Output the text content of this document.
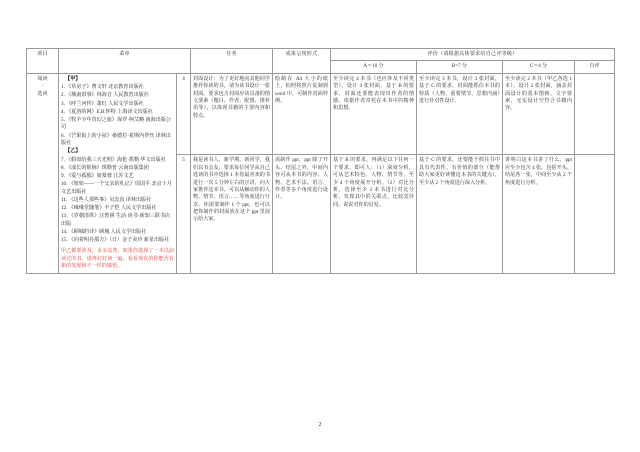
项目	菜单		任务	成果呈现形式	评价（请根据具体要求给自己评等级）			
					A＝10 分	B=7 分	C＝4 分	自评

阅读
·
选读

【甲】
1．《草房子》曹文轩 北京教育出版社
2．《城南旧事》林海音 人民教育出版社
3．《呼兰河传》萧红 人民文学出版社
4．《夏洛的网》E.B.怀特 上海译文出版社
5．《牧羊少年奇幻之旅》保罗·柯艾略 南海出版公司
6．《芒果街上的小屋》桑德拉·希斯内罗丝 译林出版社
【乙】
7．《假如给我三天光明》海伦·凯勒 华文出版社
8．《成长的烦恼》珠勒普 云南出版集团
9．《爱与孤独》席慕蓉 江苏文艺
10．《妞妞——一个父亲的札记》周国平 北京十月文艺出版社
11．《这些人那些事》吴念真 译林出版社
12．《缘缘堂随笔》丰子恺 人民文学出版社
13．《岁朝清供》汪曾祺 生活·读书·新知三联书店出版
14．《顾城的诗》顾城 人民文学出版社
15．《向着明亮那方》（日）金子美玲 新星出版社
甲乙都要涉及，多多益善。如果你选择了一本以前读过的书，请再好好读一遍，看看现在的你能否有新的发现和不一样的感悟。
	4	封面设计：为了更好地向其他同学推荐你读的书，请为该书设计一张封面。要求包含封面应该具备的图文要素（题目、作者、配图、推荐语等），以体现书籍的主要内容和特点。	绘制在 A4 大小的纸上，拍照将照片复制到 word 中，可制作封面样例。	至少读完 4 本书（也应涉及不同类型），设计 4 张封面，基于 B 的要求，封面还要能表现出作者的情感，依据作者寄托在本书中的精神和思想。	至少读完 3 本书，设计 3 张封面，基于 C 的要求，封面能抓住本书的特质（人物、重要情节、思想内涵）进行针对性设计。	至少读完 2 本书（甲乙各选 1 本），设计 2 张封面，涵盖封面设计的基本图画、文字要素，无实设计空符合书籍内容。	
		5	我是读书人，新学期，新同学，我们以书会友。要求每位同学从自己选读的书中选择 1 本你最喜欢的书进行一次 5 分钟左右的宣讲，向大家推荐这本书，可以从触动你的人物、情节、语言……等角度进行分享。你需要制作 1 个 ppt，也可以把你制作的封面放在这个 ppt 里展示给大家。	需制作 ppt，ppt 除了开头、结尾之外，中间内容可从本书的内容、人物、艺术手法、语言、作者等多个角度进行设计。	基于 B 的要求，再满足以下任何一个要求，即可人：（1）深度分析，可从艺术特色、人物、情节等，至少 4 个角度展开分析。（2）对比分析，选择至少 2 本书进行对比分析，发现其中的关联点，比较其异同，说说对你的启发。	基于 C 的要求，还要能于抓住书中具有代表性、有价值的部分（能帮助大家更好读懂这本书的关键点），至少从 2 个角度进行深入分析。	讲明白这本书讲了什么，ppt 应至少包含 4 张。包括开头、结尾各一张，中间至少从 2 个角度进行分析。	
2
